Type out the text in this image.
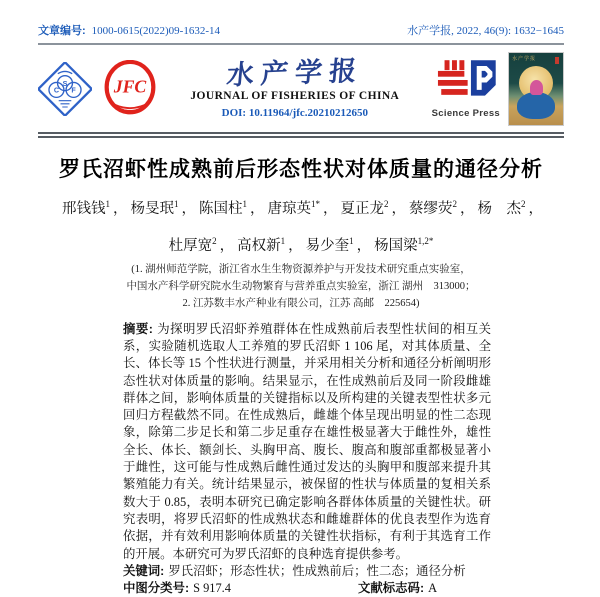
文章编号: 1000-0615(2022)09-1632-14	水产学报, 2022, 46(9): 1632−1645
C
S
F JFC	水产学报
JOURNAL OF FISHERIES OF CHINA
DOI: 10.11964/jfc.20210212650	Science Press
水产学报
罗氏沼虾性成熟前后形态性状对体质量的通径分析
邢钱钱$^1$ ， 杨旻珉$^1$ ， 陈国柱$^1$ ， 唐琼英$^{1*}$ ， 夏正龙$^2$ ， 蔡缪荧$^2$ ， 杨　杰$^2$ ，
杜厚宽$^2$ ， 高权新$^1$ ， 易少奎$^1$ ， 杨国梁$^{1,2*}$
(1. 湖州师范学院，浙江省水生生物资源养护与开发技术研究重点实验室，
中国水产科学研究院水生动物繁育与营养重点实验室，浙江 湖州　313000；
2. 江苏数丰水产种业有限公司，江苏 高邮　225654)
摘要: 为探明罗氏沼虾养殖群体在性成熟前后表型性状间的相互关系，实验随机选取人工养殖的罗氏沼虾 1 106 尾，对其体质量、全长、体长等 15 个性状进行测量，并采用相关分析和通径分析阐明形态性状对体质量的影响。结果显示，在性成熟前后及同一阶段雌雄群体之间，影响体质量的关键指标以及所构建的关键表型性状多元回归方程截然不同。在性成熟后，雌雄个体呈现出明显的性二态现象，除第二步足长和第二步足重存在雄性极显著大于雌性外，雄性全长、体长、额剑长、头胸甲高、腹长、腹高和腹部重都极显著小于雌性，这可能与性成熟后雌性通过发达的头胸甲和腹部来提升其繁殖能力有关。统计结果显示，被保留的性状与体质量的复相关系数大于 0.85，表明本研究已确定影响各群体体质量的关键性状。研究表明，将罗氏沼虾的性成熟状态和雌雄群体的优良表型作为选育依据，并有效利用影响体质量的关键性状指标，有利于其选育工作的开展。本研究可为罗氏沼虾的良种选育提供参考。
关键词: 罗氏沼虾；形态性状；性成熟前后；性二态；通径分析
中图分类号: S 917.4	文献标志码: A
